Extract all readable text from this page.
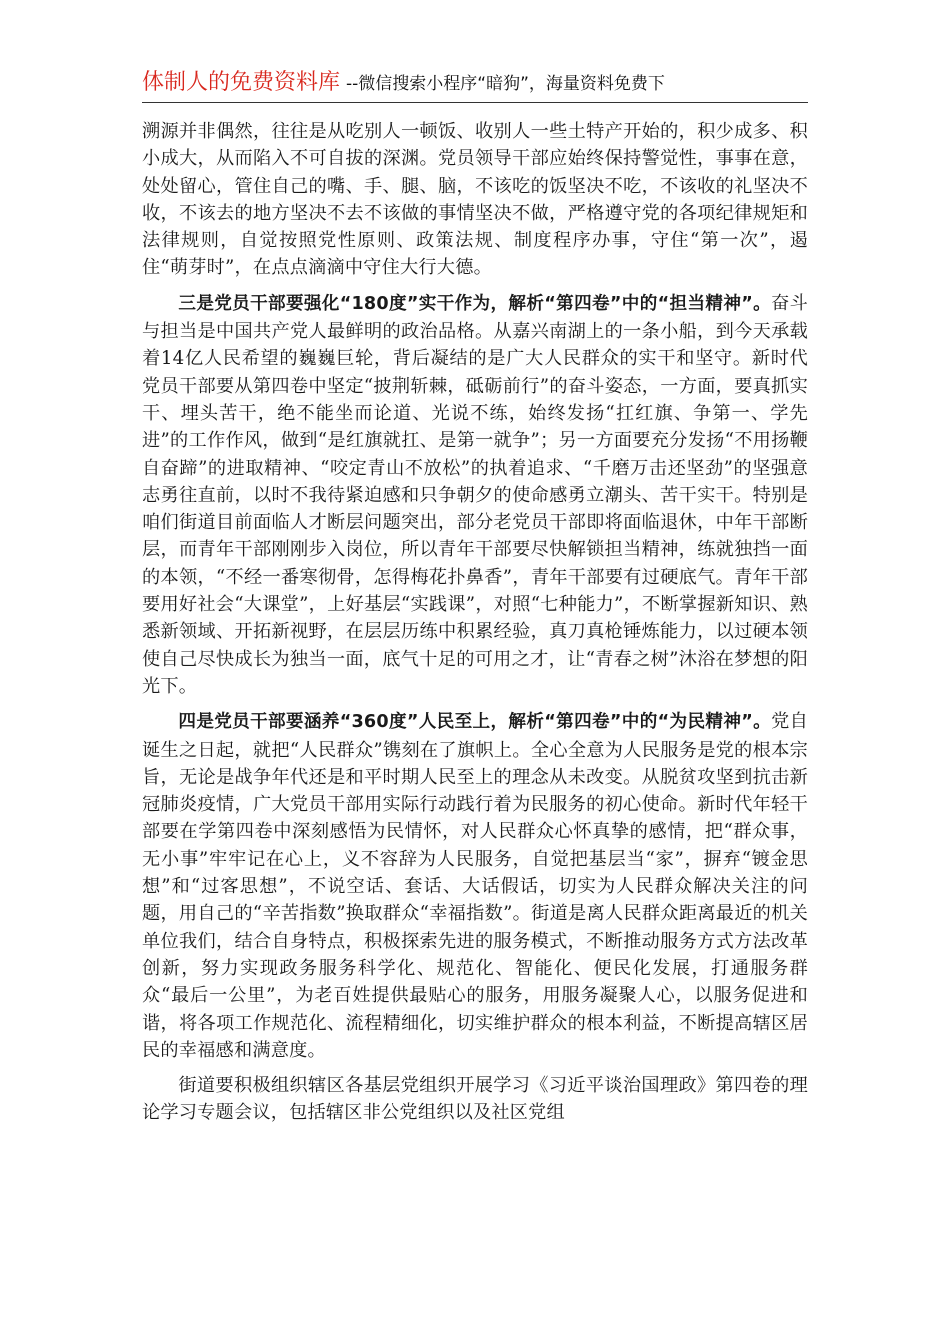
体制人的免费资料库 --微信搜索小程序“暗狗”，海量资料免费下

溯源并非偶然，往往是从吃别人一顿饭、收别人一些土特产开始的，积少成多、积小成大，从而陷入不可自拔的深渊。党员领导干部应始终保持警觉性，事事在意，处处留心，管住自己的嘴、手、腿、脑，不该吃的饭坚决不吃，不该收的礼坚决不收，不该去的地方坚决不去不该做的事情坚决不做，严格遵守党的各项纪律规矩和法律规则，自觉按照党性原则、政策法规、制度程序办事，守住“第一次”，遏住“萌芽时”，在点点滴滴中守住大行大德。

三是党员干部要强化“180度”实干作为，解析“第四卷”中的“担当精神”。奋斗与担当是中国共产党人最鲜明的政治品格。从嘉兴南湖上的一条小船，到今天承载着14亿人民希望的巍巍巨轮，背后凝结的是广大人民群众的实干和坚守。新时代党员干部要从第四卷中坚定“披荆斩棘，砥砺前行”的奋斗姿态，一方面，要真抓实干、埋头苦干，绝不能坐而论道、光说不练，始终发扬“扛红旗、争第一、学先进”的工作作风，做到“是红旗就扛、是第一就争”；另一方面要充分发扬“不用扬鞭自奋蹄”的进取精神、“咬定青山不放松”的执着追求、“千磨万击还坚劲”的坚强意志勇往直前，以时不我待紧迫感和只争朝夕的使命感勇立潮头、苦干实干。特别是咱们街道目前面临人才断层问题突出，部分老党员干部即将面临退休，中年干部断层，而青年干部刚刚步入岗位，所以青年干部要尽快解锁担当精神，练就独挡一面的本领，“不经一番寒彻骨，怎得梅花扑鼻香”，青年干部要有过硬底气。青年干部要用好社会“大课堂”，上好基层“实践课”，对照“七种能力”，不断掌握新知识、熟悉新领域、开拓新视野，在层层历练中积累经验，真刀真枪锤炼能力，以过硬本领使自己尽快成长为独当一面，底气十足的可用之才，让“青春之树”沐浴在梦想的阳光下。

四是党员干部要涵养“360度”人民至上，解析“第四卷”中的“为民精神”。党自诞生之日起，就把“人民群众”镌刻在了旗帜上。全心全意为人民服务是党的根本宗旨，无论是战争年代还是和平时期人民至上的理念从未改变。从脱贫攻坚到抗击新冠肺炎疫情，广大党员干部用实际行动践行着为民服务的初心使命。新时代年轻干部要在学第四卷中深刻感悟为民情怀，对人民群众心怀真挚的感情，把“群众事，无小事”牢牢记在心上，义不容辞为人民服务，自觉把基层当“家”，摒弃“镀金思想”和“过客思想”，不说空话、套话、大话假话，切实为人民群众解决关注的问题，用自己的“辛苦指数”换取群众“幸福指数”。街道是离人民群众距离最近的机关单位我们，结合自身特点，积极探索先进的服务模式，不断推动服务方式方法改革创新，努力实现政务服务科学化、规范化、智能化、便民化发展，打通服务群众“最后一公里”，为老百姓提供最贴心的服务，用服务凝聚人心，以服务促进和谐，将各项工作规范化、流程精细化，切实维护群众的根本利益，不断提高辖区居民的幸福感和满意度。

街道要积极组织辖区各基层党组织开展学习《习近平谈治国理政》第四卷的理论学习专题会议，包括辖区非公党组织以及社区党组
